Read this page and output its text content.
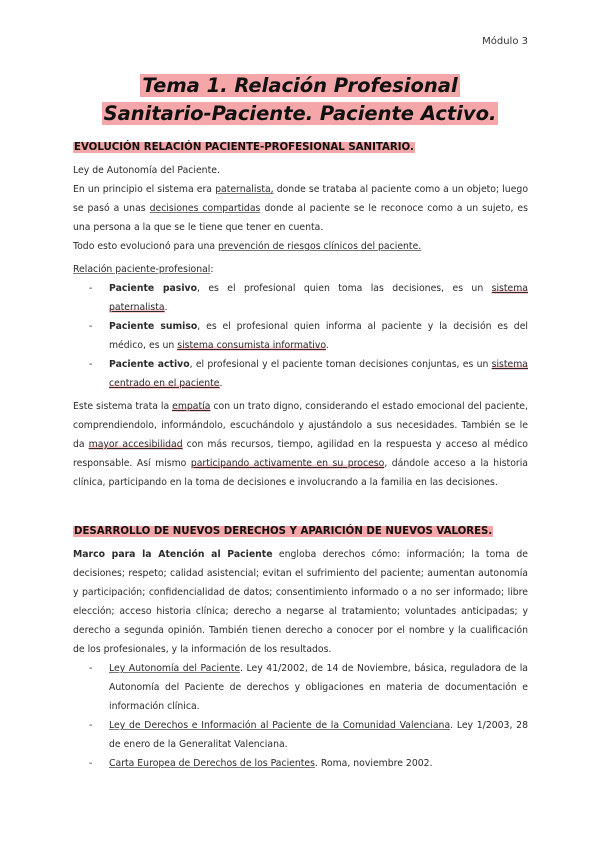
Módulo 3
Tema 1. Relación Profesional
Sanitario-Paciente. Paciente Activo.
EVOLUCIÓN RELACIÓN PACIENTE-PROFESIONAL SANITARIO.
Ley de Autonomía del Paciente.
En un principio el sistema era paternalista, donde se trataba al paciente como a un objeto; luego se pasó a unas decisiones compartidas donde al paciente se le reconoce como a un sujeto, es una persona a la que se le tiene que tener en cuenta.
Todo esto evolucionó para una prevención de riesgos clínicos del paciente.
Relación paciente-profesional:
- Paciente pasivo, es el profesional quien toma las decisiones, es un sistema paternalista.
- Paciente sumiso, es el profesional quien informa al paciente y la decisión es del médico, es un sistema consumista informativo.
- Paciente activo, el profesional y el paciente toman decisiones conjuntas, es un sistema centrado en el paciente.
Este sistema trata la empatía con un trato digno, considerando el estado emocional del paciente, comprendiendolo, informándolo, escuchándolo y ajustándolo a sus necesidades. También se le da mayor accesibilidad con más recursos, tiempo, agilidad en la respuesta y acceso al médico responsable. Así mismo participando activamente en su proceso, dándole acceso a la historia clínica, participando en la toma de decisiones e involucrando a la familia en las decisiones.
DESARROLLO DE NUEVOS DERECHOS Y APARICIÓN DE NUEVOS VALORES.
Marco para la Atención al Paciente engloba derechos cómo: información; la toma de decisiones; respeto; calidad asistencial; evitan el sufrimiento del paciente; aumentan autonomía y participación; confidencialidad de datos; consentimiento informado o a no ser informado; libre elección; acceso historia clínica; derecho a negarse al tratamiento; voluntades anticipadas; y derecho a segunda opinión. También tienen derecho a conocer por el nombre y la cualificación de los profesionales, y la información de los resultados.
- Ley Autonomía del Paciente. Ley 41/2002, de 14 de Noviembre, básica, reguladora de la Autonomía del Paciente de derechos y obligaciones en materia de documentación e información clínica.
- Ley de Derechos e Información al Paciente de la Comunidad Valenciana. Ley 1/2003, 28 de enero de la Generalitat Valenciana.
- Carta Europea de Derechos de los Pacientes. Roma, noviembre 2002.
